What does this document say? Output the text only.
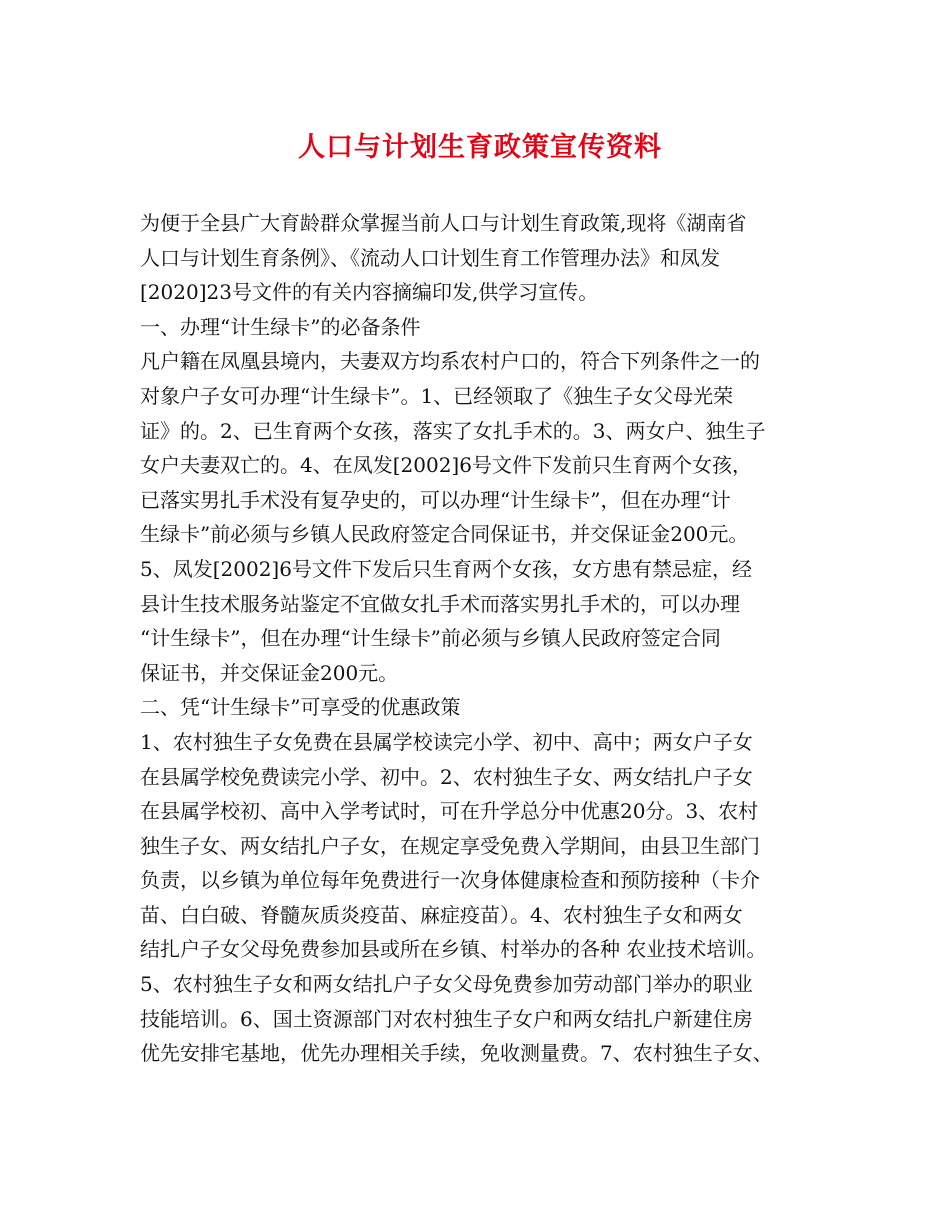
人口与计划生育政策宣传资料

为便于全县广大育龄群众掌握当前人口与计划生育政策,现将《湖南省

人口与计划生育条例》、《流动人口计划生育工作管理办法》和凤发

[2020]23号文件的有关内容摘编印发,供学习宣传。

一、办理“计生绿卡”的必备条件

凡户籍在凤凰县境内，夫妻双方均系农村户口的，符合下列条件之一的

对象户子女可办理“计生绿卡”。1、已经领取了《独生子女父母光荣

证》的。2、已生育两个女孩，落实了女扎手术的。3、两女户、独生子

女户夫妻双亡的。4、在凤发[2002]6号文件下发前只生育两个女孩，

已落实男扎手术没有复孕史的，可以办理“计生绿卡”，但在办理“计

生绿卡”前必须与乡镇人民政府签定合同保证书，并交保证金200元。

5、凤发[2002]6号文件下发后只生育两个女孩，女方患有禁忌症，经

县计生技术服务站鉴定不宜做女扎手术而落实男扎手术的，可以办理

“计生绿卡”，但在办理“计生绿卡”前必须与乡镇人民政府签定合同

保证书，并交保证金200元。

二、凭“计生绿卡”可享受的优惠政策

1、农村独生子女免费在县属学校读完小学、初中、高中；两女户子女

在县属学校免费读完小学、初中。2、农村独生子女、两女结扎户子女

在县属学校初、高中入学考试时，可在升学总分中优惠20分。3、农村

独生子女、两女结扎户子女，在规定享受免费入学期间，由县卫生部门

负责，以乡镇为单位每年免费进行一次身体健康检查和预防接种（卡介

苗、白白破、脊髓灰质炎疫苗、麻症疫苗）。4、农村独生子女和两女

结扎户子女父母免费参加县或所在乡镇、村举办的各种 农业技术培训。

5、农村独生子女和两女结扎户子女父母免费参加劳动部门举办的职业

技能培训。6、国土资源部门对农村独生子女户和两女结扎户新建住房

优先安排宅基地，优先办理相关手续，免收测量费。7、农村独生子女、
